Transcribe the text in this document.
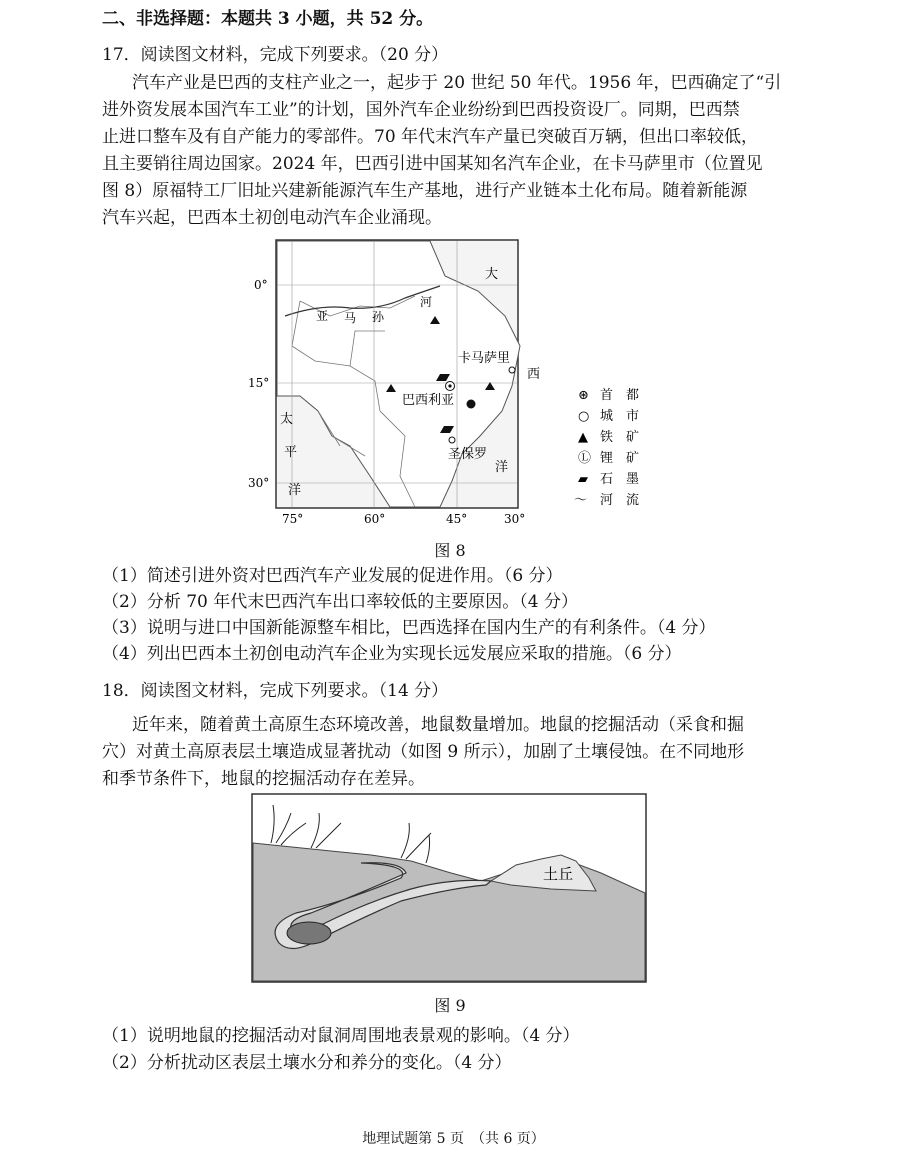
二、非选择题：本题共 3 小题，共 52 分。
17．阅读图文材料，完成下列要求。（20 分）
汽车产业是巴西的支柱产业之一，起步于 20 世纪 50 年代。1956 年，巴西确定了“引
进外资发展本国汽车工业”的计划，国外汽车企业纷纷到巴西投资设厂。同期，巴西禁
止进口整车及有自产能力的零部件。70 年代末汽车产量已突破百万辆，但出口率较低，
且主要销往周边国家。2024 年，巴西引进中国某知名汽车企业，在卡马萨里市（位置见
图 8）原福特工厂旧址兴建新能源汽车生产基地，进行产业链本土化布局。随着新能源
汽车兴起，巴西本土初创电动汽车企业涌现。
0°
15°
30°
75°	60°	45°	30°
亚 马 孙
河
大
西
洋
太
平
洋
卡马萨里
巴西利亚
圣保罗
⊛ 首　都
○ 城　市
▲ 铁　矿
Ⓛ 锂　矿
▰ 石　墨
～ 河　流
图 8
（1）简述引进外资对巴西汽车产业发展的促进作用。（6 分）
（2）分析 70 年代末巴西汽车出口率较低的主要原因。（4 分）
（3）说明与进口中国新能源整车相比，巴西选择在国内生产的有利条件。（4 分）
（4）列出巴西本土初创电动汽车企业为实现长远发展应采取的措施。（6 分）
18．阅读图文材料，完成下列要求。（14 分）
近年来，随着黄土高原生态环境改善，地鼠数量增加。地鼠的挖掘活动（采食和掘
穴）对黄土高原表层土壤造成显著扰动（如图 9 所示），加剧了土壤侵蚀。在不同地形
和季节条件下，地鼠的挖掘活动存在差异。
土丘
图 9
（1）说明地鼠的挖掘活动对鼠洞周围地表景观的影响。（4 分）
（2）分析扰动区表层土壤水分和养分的变化。（4 分）
地理试题第 5 页　（共 6 页）
